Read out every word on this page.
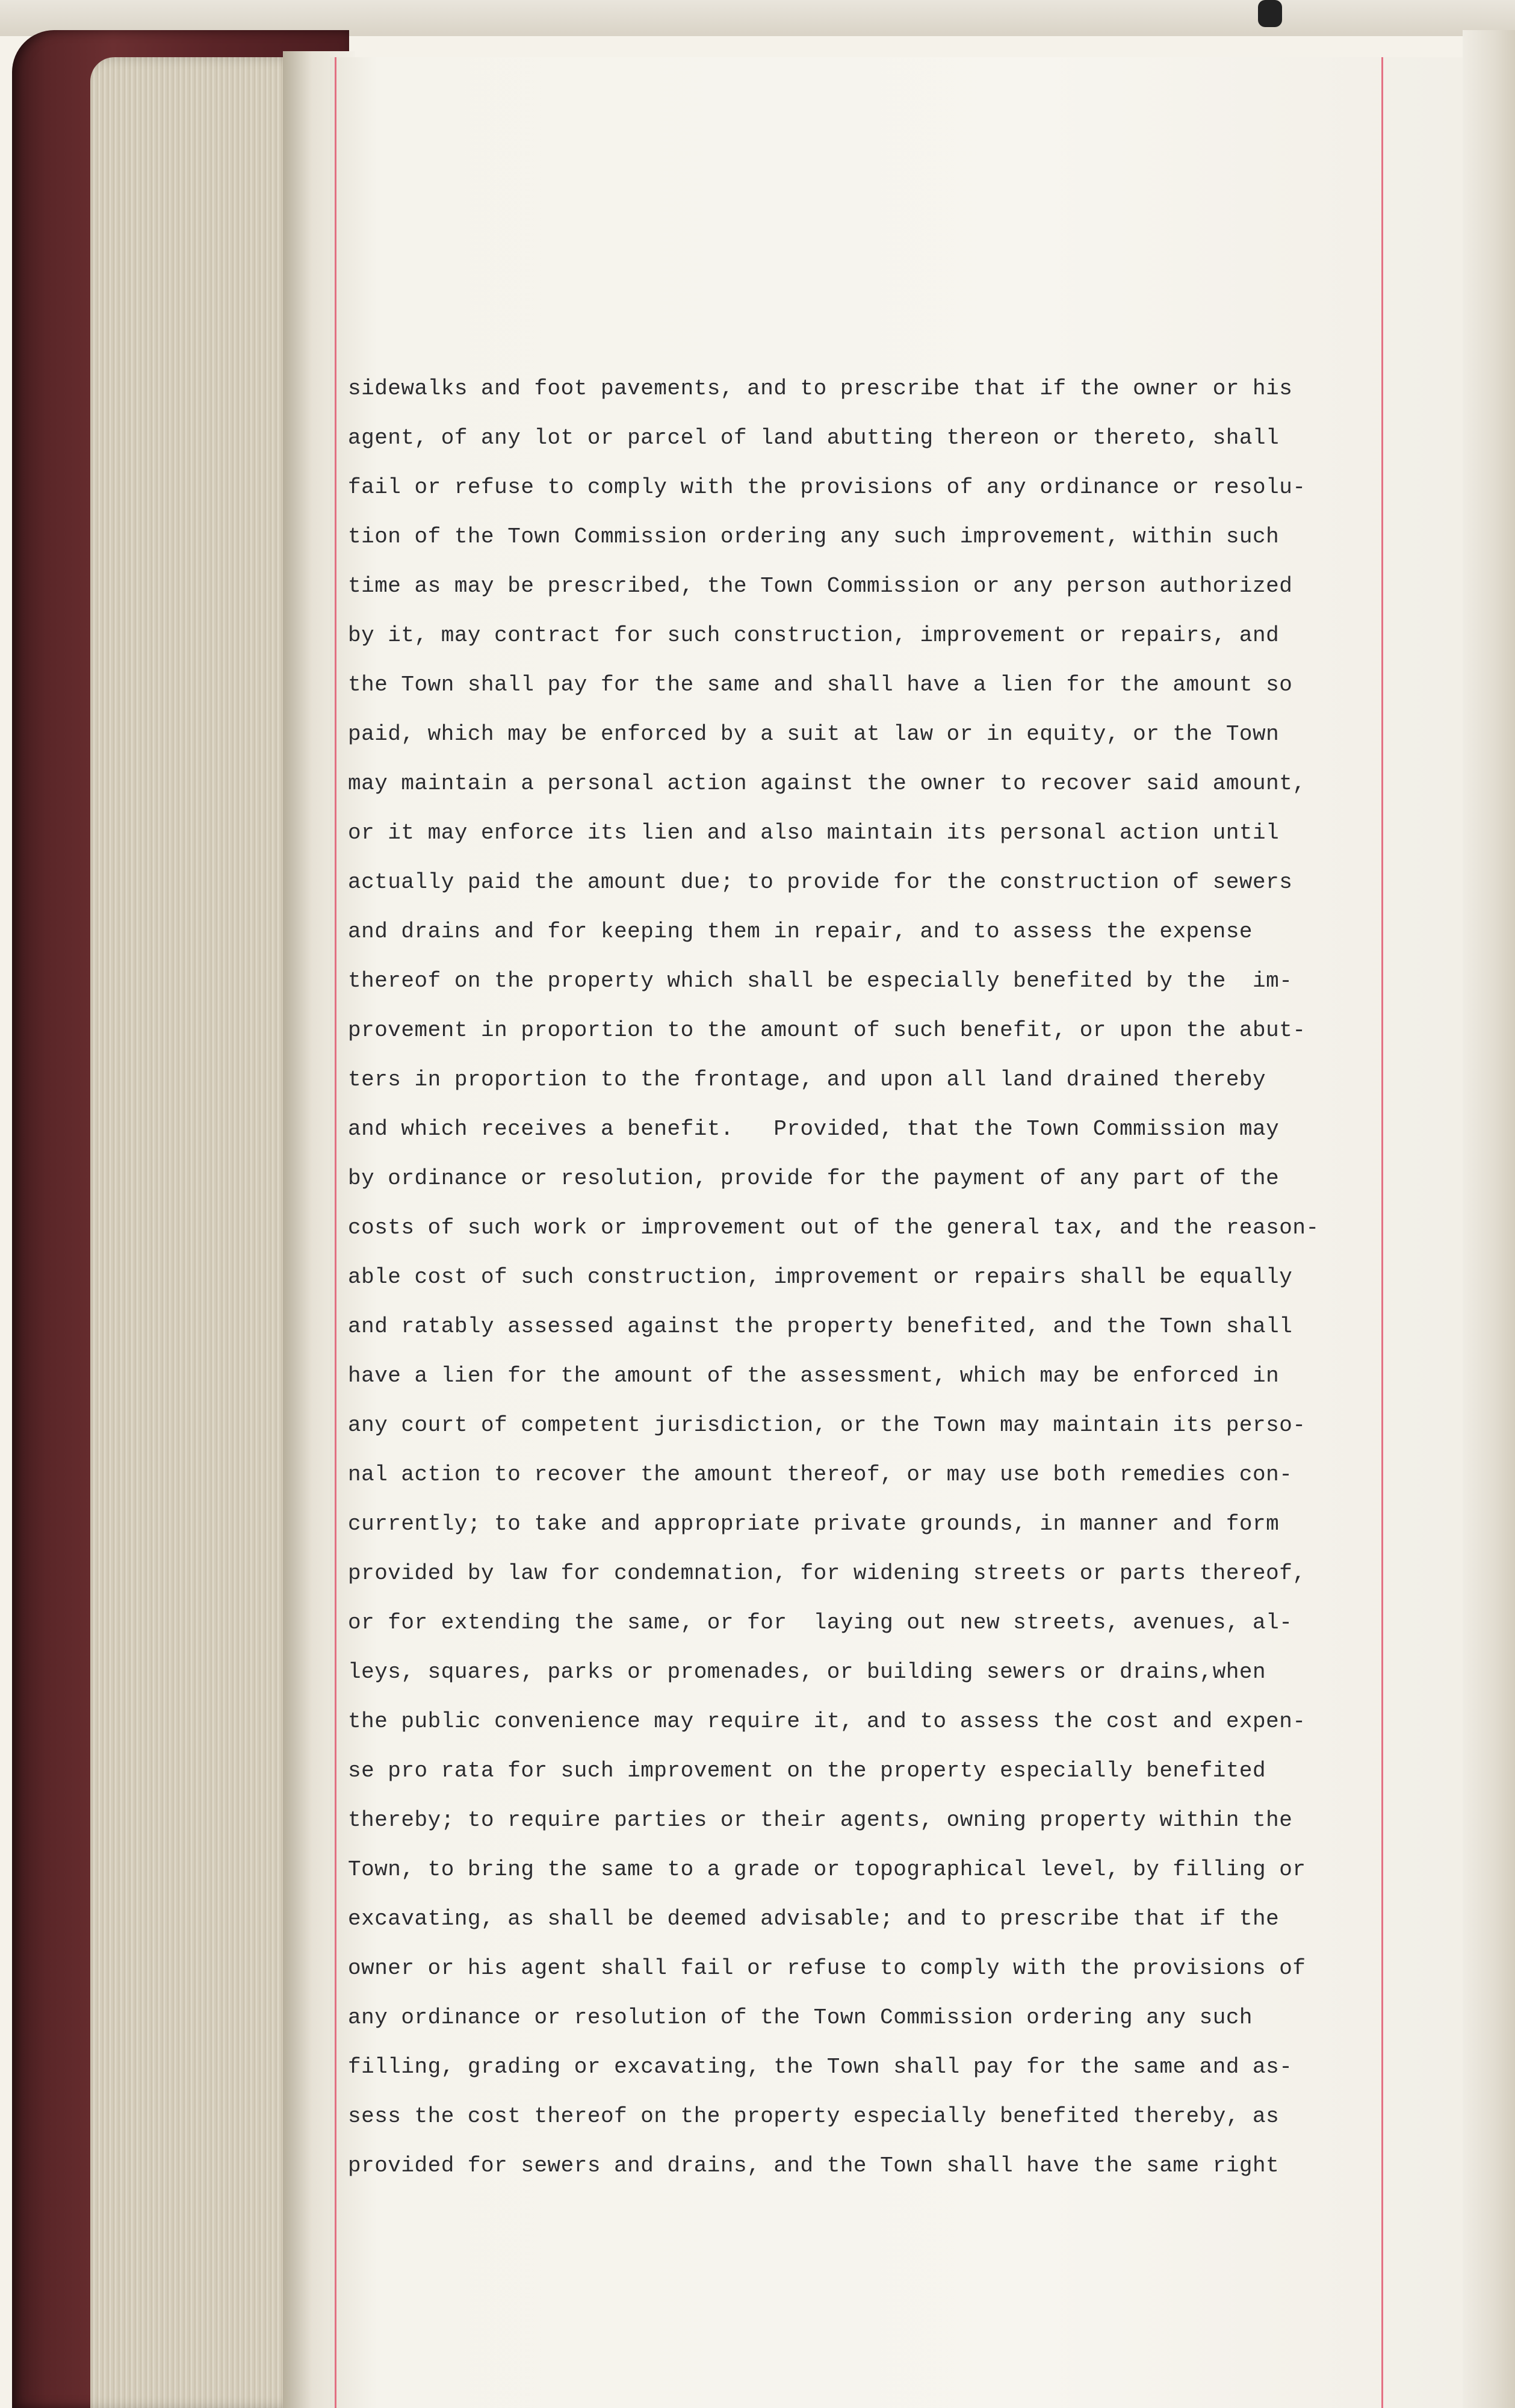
sidewalks and foot pavements, and to prescribe that if the owner or his
agent, of any lot or parcel of land abutting thereon or thereto, shall
fail or refuse to comply with the provisions of any ordinance or resolu-
tion of the Town Commission ordering any such improvement, within such
time as may be prescribed, the Town Commission or any person authorized
by it, may contract for such construction, improvement or repairs, and
the Town shall pay for the same and shall have a lien for the amount so
paid, which may be enforced by a suit at law or in equity, or the Town
may maintain a personal action against the owner to recover said amount,
or it may enforce its lien and also maintain its personal action until
actually paid the amount due; to provide for the construction of sewers
and drains and for keeping them in repair, and to assess the expense
thereof on the property which shall be especially benefited by the  im-
provement in proportion to the amount of such benefit, or upon the abut-
ters in proportion to the frontage, and upon all land drained thereby
and which receives a benefit.   Provided, that the Town Commission may
by ordinance or resolution, provide for the payment of any part of the
costs of such work or improvement out of the general tax, and the reason-
able cost of such construction, improvement or repairs shall be equally
and ratably assessed against the property benefited, and the Town shall
have a lien for the amount of the assessment, which may be enforced in
any court of competent jurisdiction, or the Town may maintain its perso-
nal action to recover the amount thereof, or may use both remedies con-
currently; to take and appropriate private grounds, in manner and form
provided by law for condemnation, for widening streets or parts thereof,
or for extending the same, or for  laying out new streets, avenues, al-
leys, squares, parks or promenades, or building sewers or drains,when
the public convenience may require it, and to assess the cost and expen-
se pro rata for such improvement on the property especially benefited
thereby; to require parties or their agents, owning property within the
Town, to bring the same to a grade or topographical level, by filling or
excavating, as shall be deemed advisable; and to prescribe that if the
owner or his agent shall fail or refuse to comply with the provisions of
any ordinance or resolution of the Town Commission ordering any such
filling, grading or excavating, the Town shall pay for the same and as-
sess the cost thereof on the property especially benefited thereby, as
provided for sewers and drains, and the Town shall have the same right
